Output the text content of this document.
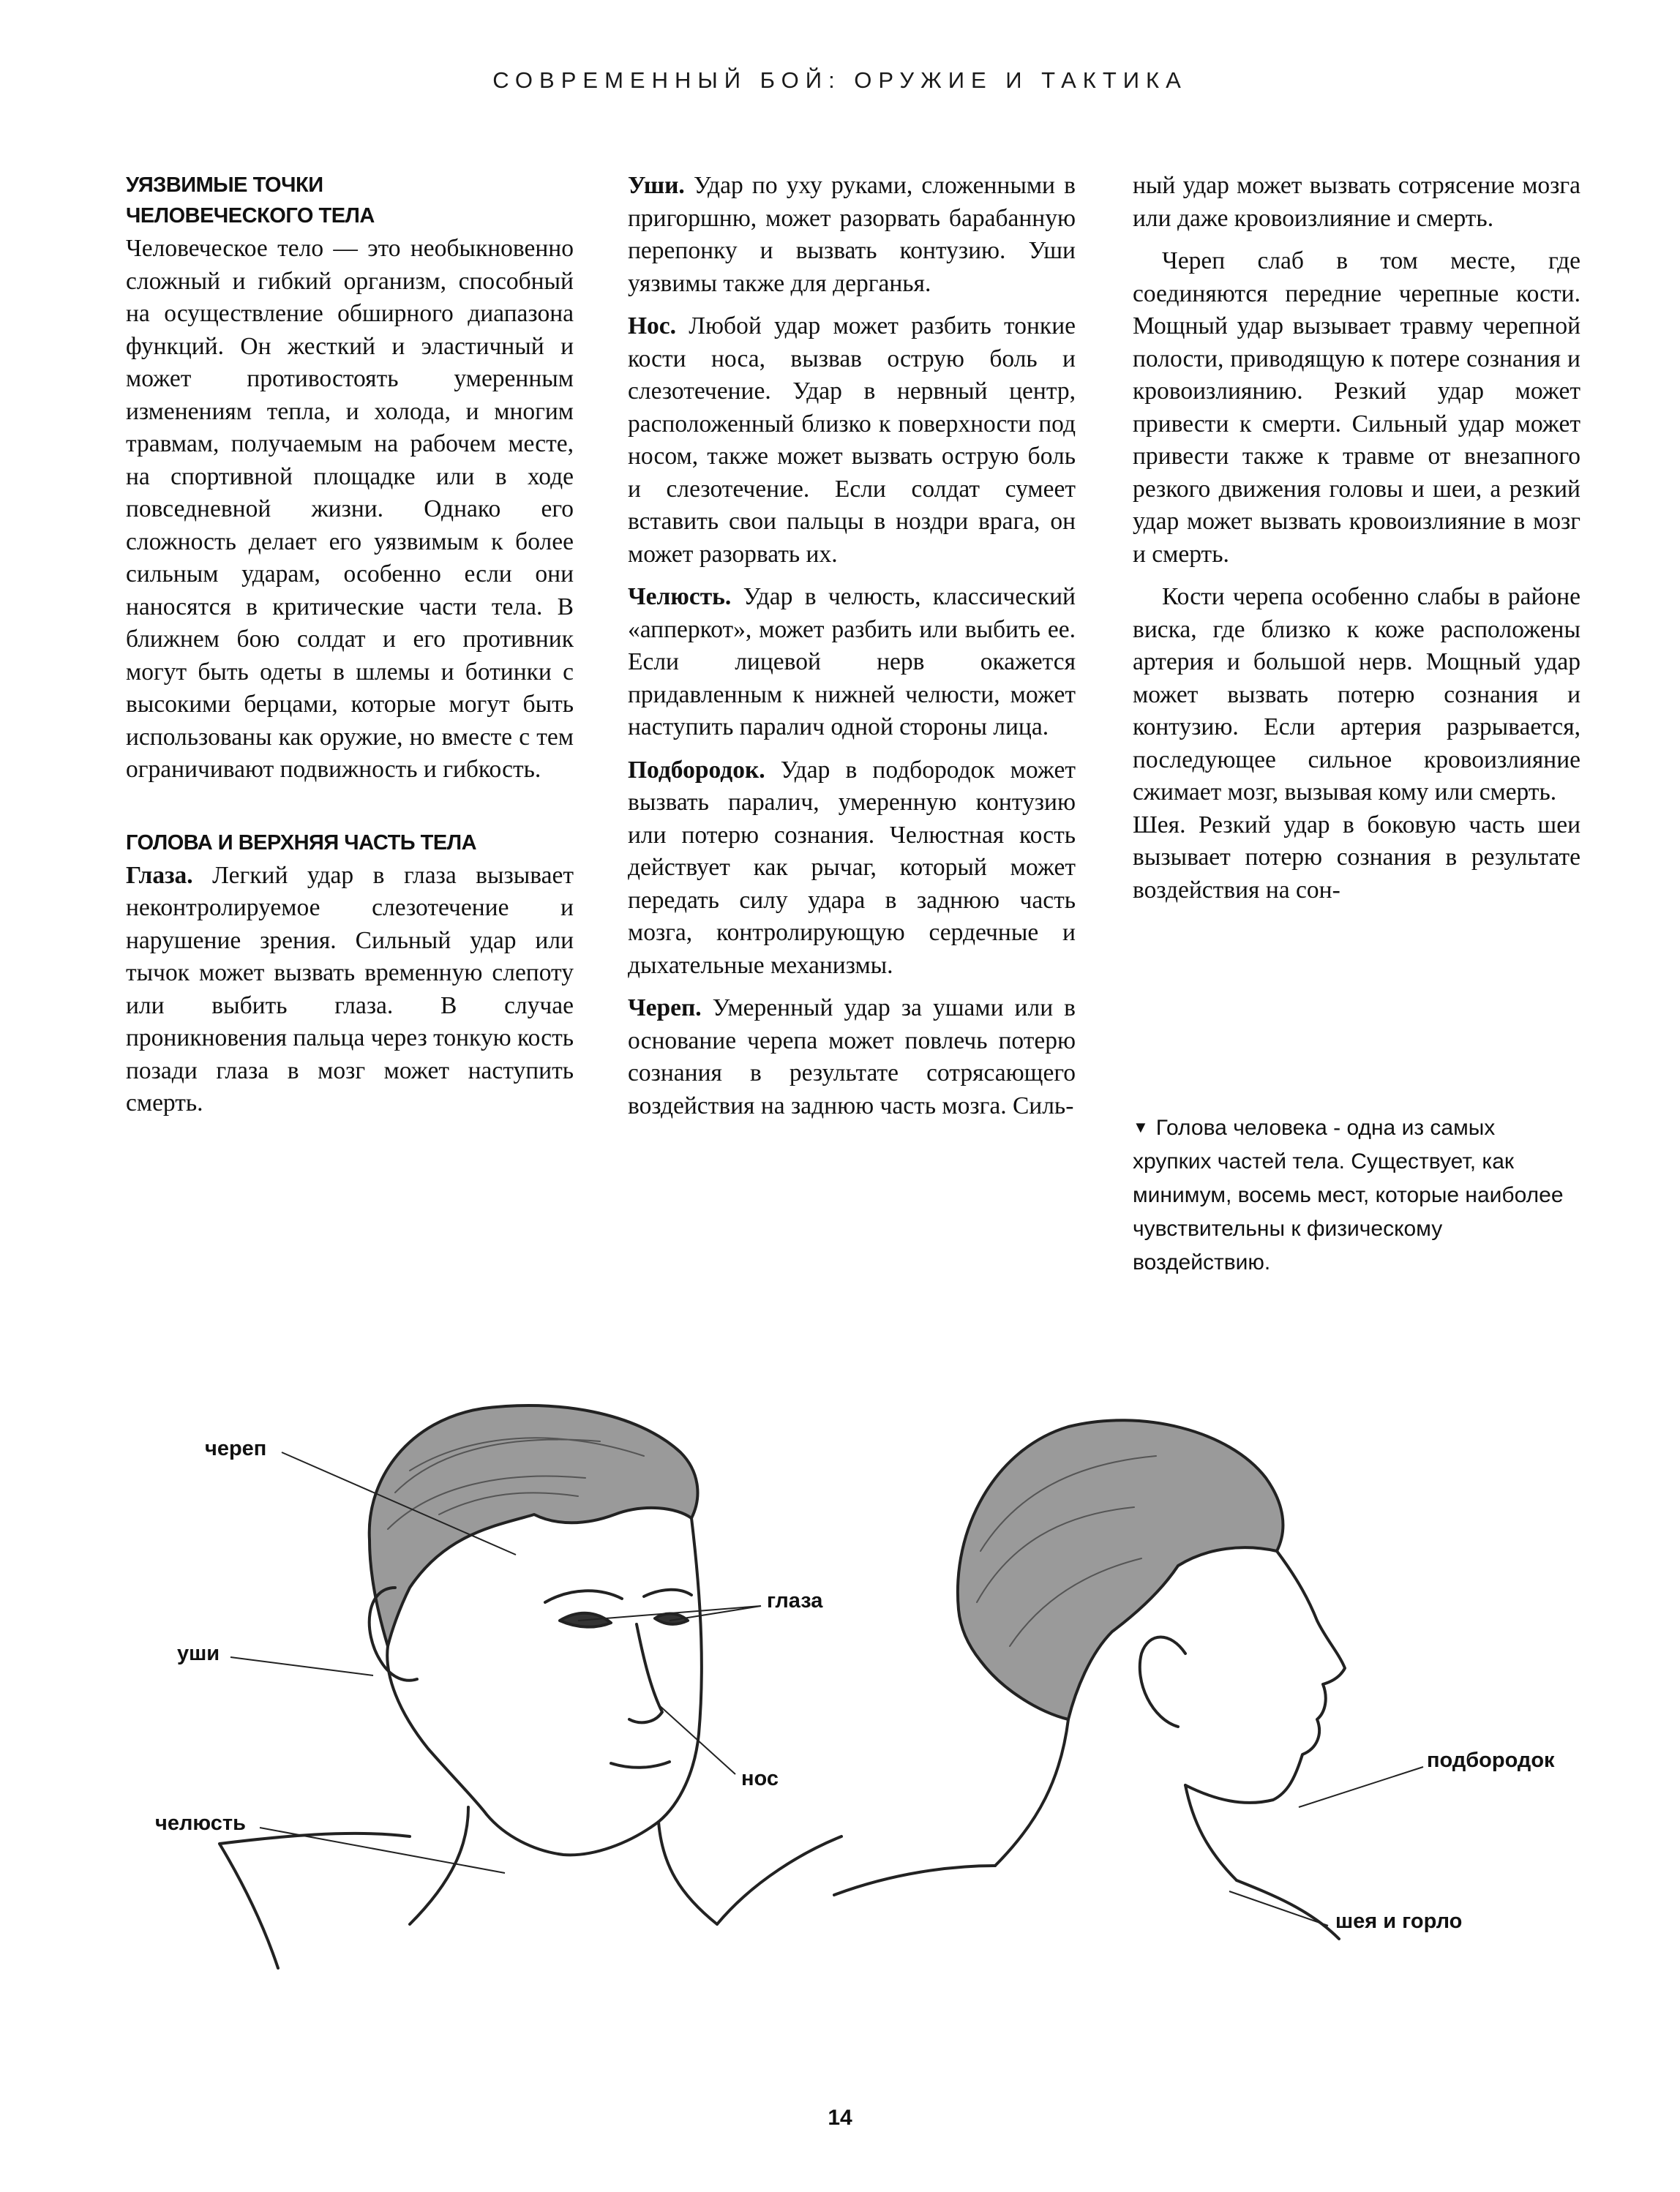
СОВРЕМЕННЫЙ БОЙ: ОРУЖИЕ И ТАКТИКА
УЯЗВИМЫЕ ТОЧКИ
ЧЕЛОВЕЧЕСКОГО ТЕЛА

Человеческое тело — это необыкновенно сложный и гибкий организм, способный на осуществление обширного диапазона функций. Он жесткий и эластичный и может противостоять умеренным изменениям тепла, и холода, и многим травмам, получаемым на рабочем месте, на спортивной площадке или в ходе повседневной жизни. Однако его сложность делает его уязвимым к более сильным ударам, особенно если они наносятся в критические части тела. В ближнем бою солдат и его противник могут быть одеты в шлемы и ботинки с высокими берцами, которые могут быть использованы как оружие, но вместе с тем ограничивают подвижность и гибкость.

ГОЛОВА И ВЕРХНЯЯ ЧАСТЬ ТЕЛА

Глаза. Легкий удар в глаза вызывает неконтролируемое слезотечение и нарушение зрения. Сильный удар или тычок может вызвать временную слепоту или выбить глаза. В случае проникновения пальца через тонкую кость позади глаза в мозг может наступить смерть.

Уши. Удар по уху руками, сложенными в пригоршню, может разорвать барабанную перепонку и вызвать контузию. Уши уязвимы также для дерганья.

Нос. Любой удар может разбить тонкие кости носа, вызвав острую боль и слезотечение. Удар в нервный центр, расположенный близко к поверхности под носом, также может вызвать острую боль и слезотечение. Если солдат сумеет вставить свои пальцы в ноздри врага, он может разорвать их.

Челюсть. Удар в челюсть, классический «апперкот», может разбить или выбить ее. Если лицевой нерв окажется придавленным к нижней челюсти, может наступить паралич одной стороны лица.

Подбородок. Удар в подбородок может вызвать паралич, умеренную контузию или потерю сознания. Челюстная кость действует как рычаг, который может передать силу удара в заднюю часть мозга, контролирующую сердечные и дыхательные механизмы.

Череп. Умеренный удар за ушами или в основание черепа может повлечь потерю сознания в результате сотрясающего воздействия на заднюю часть мозга. Силь-

ный удар может вызвать сотрясение мозга или даже кровоизлияние и смерть.

Череп слаб в том месте, где соединяются передние черепные кости. Мощный удар вызывает травму черепной полости, приводящую к потере сознания и кровоизлиянию. Резкий удар может привести к смерти. Сильный удар может привести также к травме от внезапного резкого движения головы и шеи, а резкий удар может вызвать кровоизлияние в мозг и смерть.

Кости черепа особенно слабы в районе виска, где близко к коже расположены артерия и большой нерв. Мощный удар может вызвать потерю сознания и контузию. Если артерия разрывается, последующее сильное кровоизлияние сжимает мозг, вызывая кому или смерть.

Шея. Резкий удар в боковую часть шеи вызывает потерю сознания в результате воздействия на сон-

▼ Голова человека - одна из самых хрупких частей тела. Существует, как минимум, восемь мест, которые наиболее чувствительны к физическому воздействию.
череп
уши
глаза
челюсть
нос
подбородок
шея и горло
14
